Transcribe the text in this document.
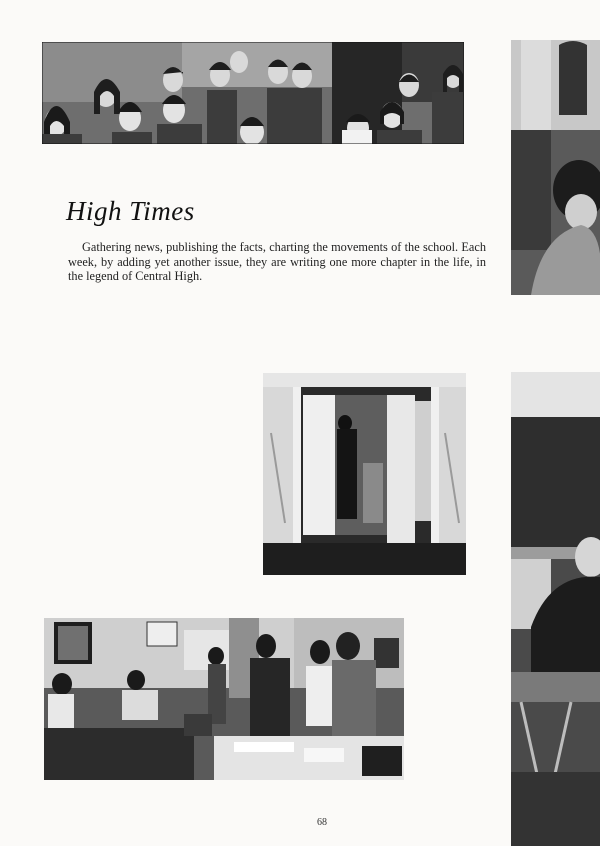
High Times

Gathering news, publishing the facts, charting the movements of the school. Each week, by adding yet another issue, they are writing one more chapter in the life, in the legend of Central High.

68
